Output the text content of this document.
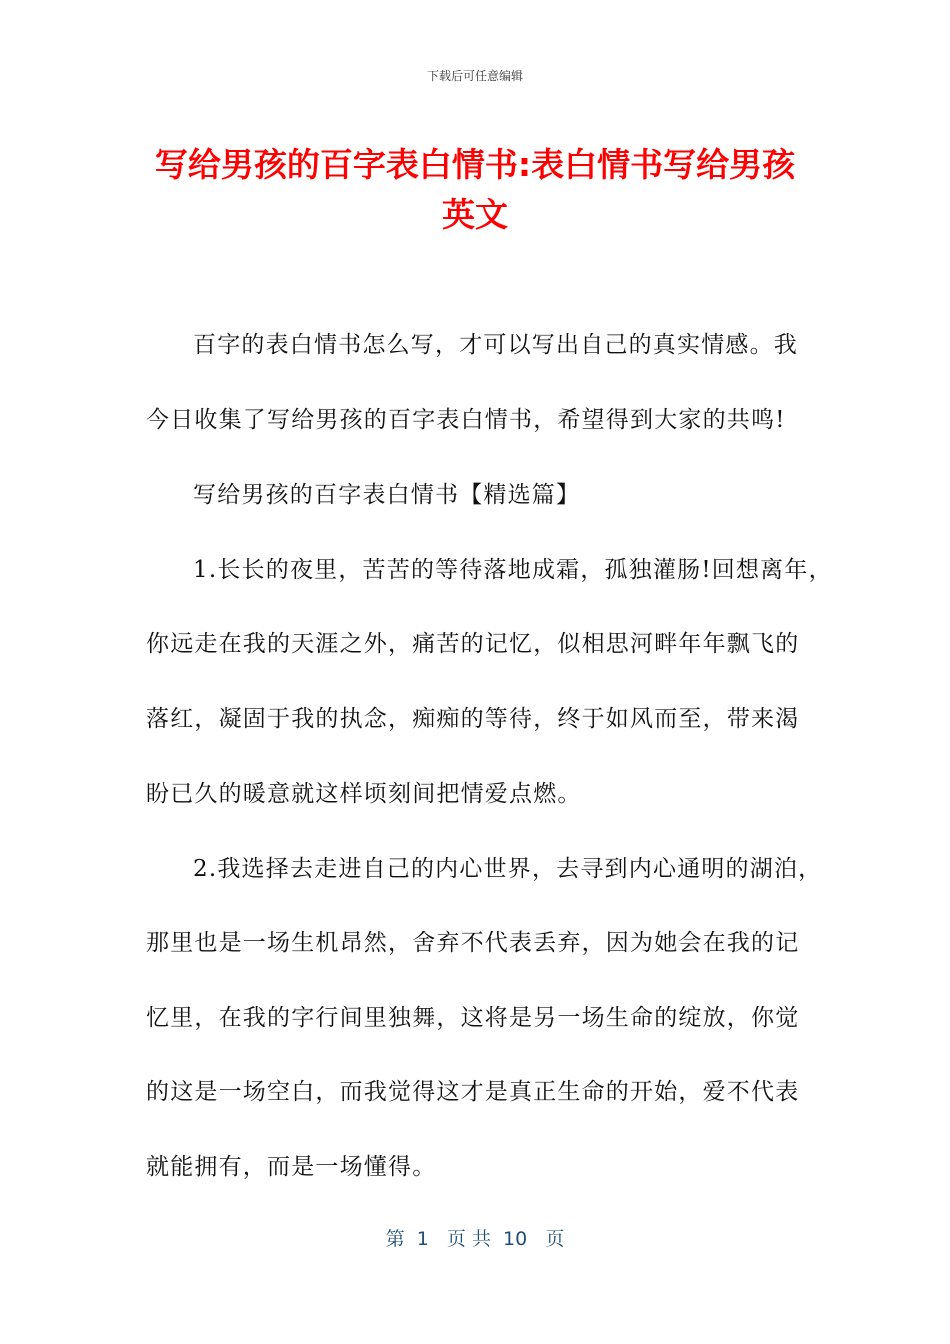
下载后可任意编辑
写给男孩的百字表白情书:表白情书写给男孩
英文
百字的表白情书怎么写，才可以写出自己的真实情感。我
今日收集了写给男孩的百字表白情书，希望得到大家的共鸣!
写给男孩的百字表白情书【精选篇】
1.长长的夜里，苦苦的等待落地成霜，孤独灌肠!回想离年，
你远走在我的天涯之外，痛苦的记忆，似相思河畔年年飘飞的
落红，凝固于我的执念，痴痴的等待，终于如风而至，带来渴
盼已久的暖意就这样顷刻间把情爱点燃。
2.我选择去走进自己的内心世界，去寻到内心通明的湖泊，
那里也是一场生机昂然，舍弃不代表丢弃，因为她会在我的记
忆里，在我的字行间里独舞，这将是另一场生命的绽放，你觉
的这是一场空白，而我觉得这才是真正生命的开始，爱不代表
就能拥有，而是一场懂得。
第  1   页 共  10   页
